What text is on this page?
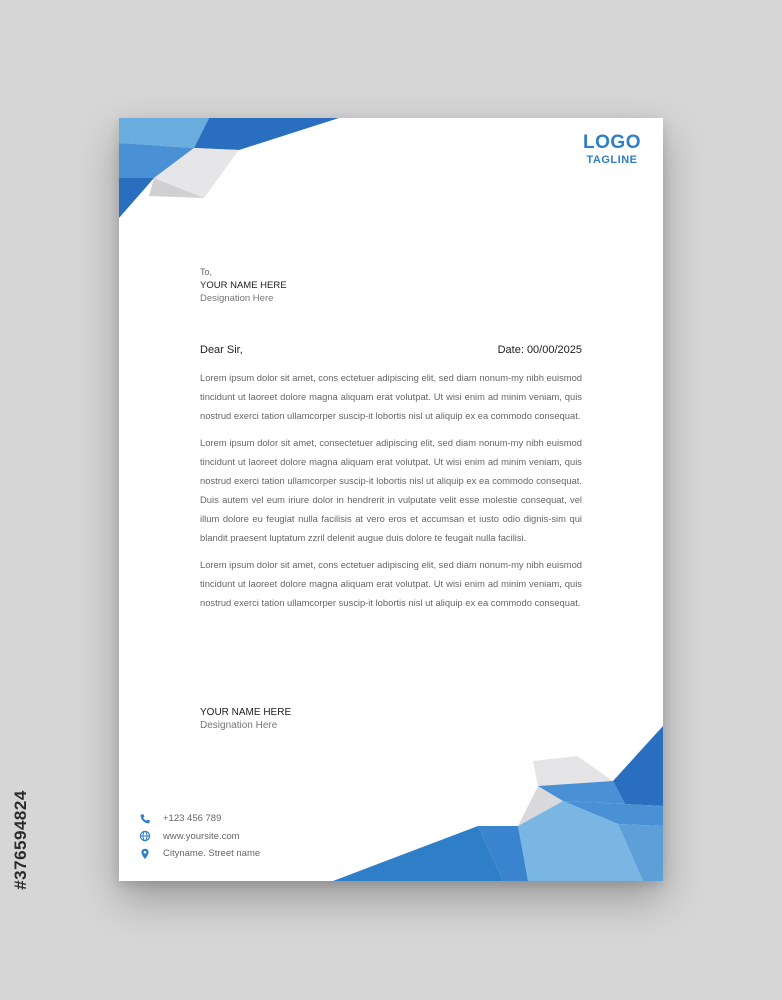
LOGO
TAGLINE
To,
YOUR NAME HERE
Designation Here
Dear Sir,	Date: 00/00/2025

Lorem ipsum dolor sit amet, cons ectetuer adipiscing elit, sed diam nonum-my nibh euismod tincidunt ut laoreet dolore magna aliquam erat volutpat. Ut wisi enim ad minim veniam, quis nostrud exerci tation ullamcorper suscip-it lobortis nisl ut aliquip ex ea commodo consequat.

Lorem ipsum dolor sit amet, consectetuer adipiscing elit, sed diam nonum-my nibh euismod tincidunt ut laoreet dolore magna aliquam erat volutpat. Ut wisi enim ad minim veniam, quis nostrud exerci tation ullamcorper suscip-it lobortis nisl ut aliquip ex ea commodo consequat. Duis autem vel eum iriure dolor in hendrerit in vulputate velit esse molestie consequat, vel illum dolore eu feugiat nulla facilisis at vero eros et accumsan et iusto odio dignis-sim qui blandit praesent luptatum zzril delenit augue duis dolore te feugait nulla facilisi.

Lorem ipsum dolor sit amet, cons ectetuer adipiscing elit, sed diam nonum-my nibh euismod tincidunt ut laoreet dolore magna aliquam erat volutpat. Ut wisi enim ad minim veniam, quis nostrud exerci tation ullamcorper suscip-it lobortis nisl ut aliquip ex ea commodo consequat.

YOUR NAME HERE
Designation Here
+123 456 789
www.yoursite.com
Cityname. Street name
#376594824
